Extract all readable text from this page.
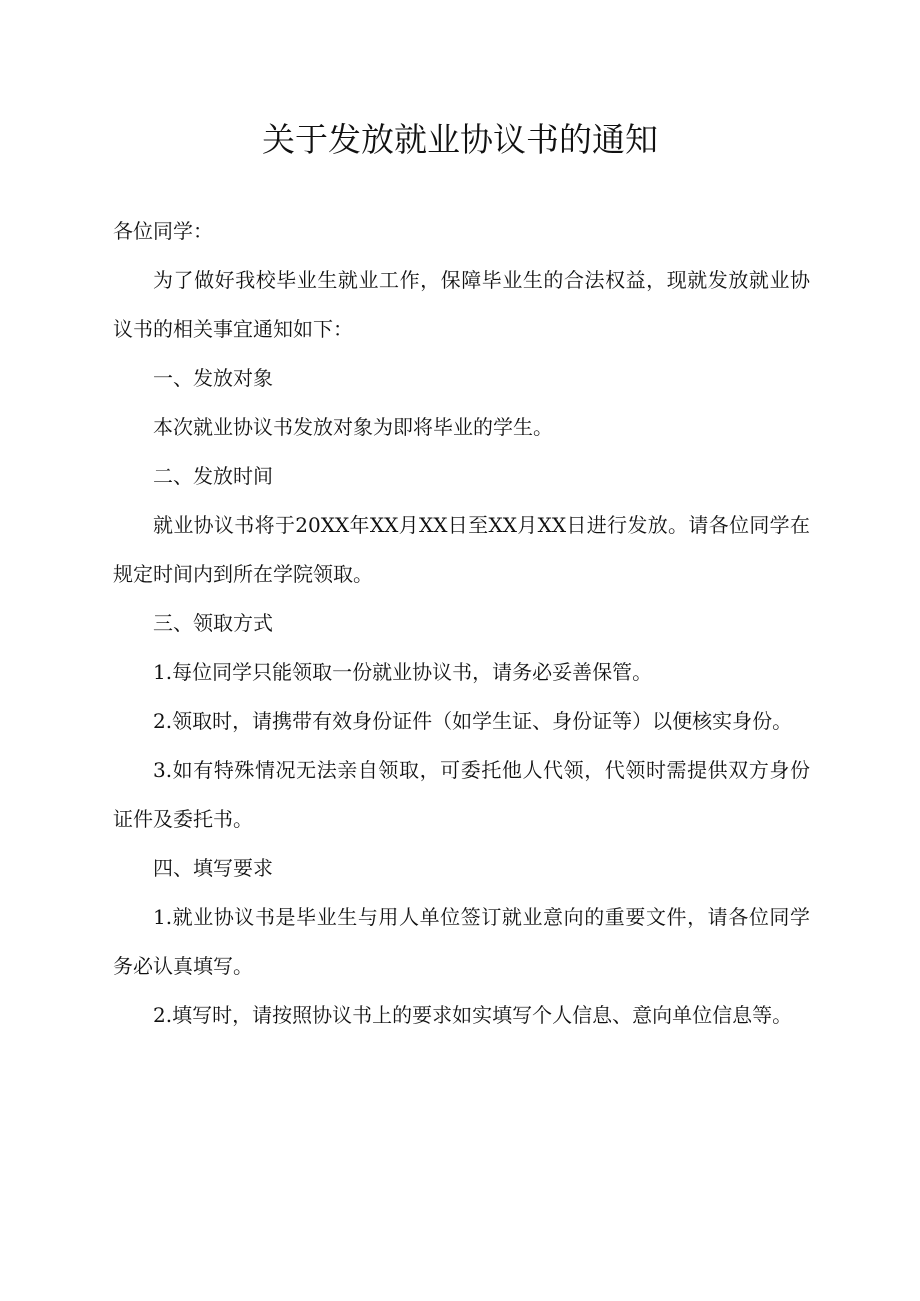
关于发放就业协议书的通知

各位同学：

为了做好我校毕业生就业工作，保障毕业生的合法权益，现就发放就业协议书的相关事宜通知如下：

一、发放对象

本次就业协议书发放对象为即将毕业的学生。

二、发放时间

就业协议书将于20XX年XX月XX日至XX月XX日进行发放。请各位同学在规定时间内到所在学院领取。

三、领取方式

1.每位同学只能领取一份就业协议书，请务必妥善保管。

2.领取时，请携带有效身份证件（如学生证、身份证等）以便核实身份。

3.如有特殊情况无法亲自领取，可委托他人代领，代领时需提供双方身份证件及委托书。

四、填写要求

1.就业协议书是毕业生与用人单位签订就业意向的重要文件，请各位同学务必认真填写。

2.填写时，请按照协议书上的要求如实填写个人信息、意向单位信息等。
